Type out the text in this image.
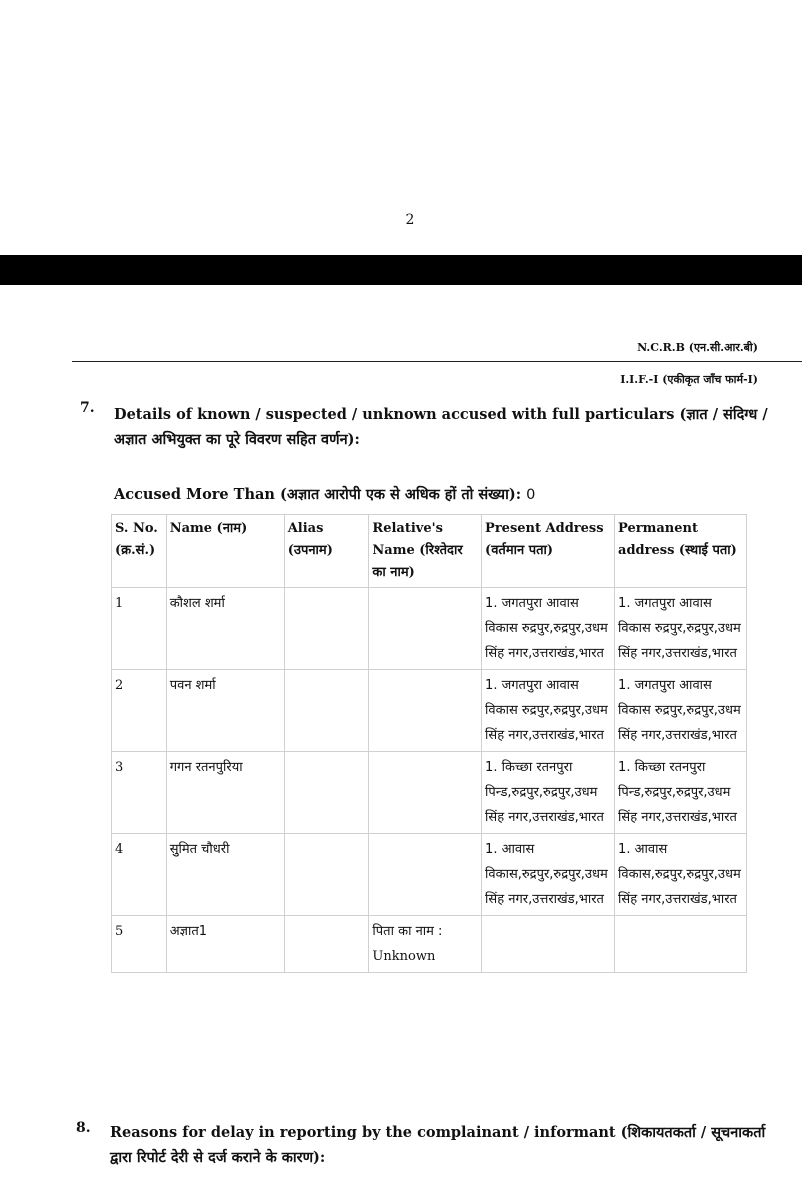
2
N.C.R.B (एन.सी.आर.बी)
I.I.F.-I (एकीकृत जाँच फार्म-I)
7. Details of known / suspected / unknown accused with full particulars (ज्ञात / संदिग्ध / अज्ञात अभियुक्त का पूरे विवरण सहित वर्णन):
Accused More Than (अज्ञात आरोपी एक से अधिक हों तो संख्या): 0
S. No. (क्र.सं.)	Name (नाम)	Alias (उपनाम)	Relative's Name (रिश्तेदार का नाम)	Present Address (वर्तमान पता)	Permanent address (स्थाई पता)
1	कौशल शर्मा			1. जगतपुरा आवास विकास रुद्रपुर,रुद्रपुर,उधम सिंह नगर,उत्तराखंड,भारत	1. जगतपुरा आवास विकास रुद्रपुर,रुद्रपुर,उधम सिंह नगर,उत्तराखंड,भारत
2	पवन शर्मा			1. जगतपुरा आवास विकास रुद्रपुर,रुद्रपुर,उधम सिंह नगर,उत्तराखंड,भारत	1. जगतपुरा आवास विकास रुद्रपुर,रुद्रपुर,उधम सिंह नगर,उत्तराखंड,भारत
3	गगन रतनपुरिया			1. किच्छा रतनपुरा पिन्ड,रुद्रपुर,रुद्रपुर,उधम सिंह नगर,उत्तराखंड,भारत	1. किच्छा रतनपुरा पिन्ड,रुद्रपुर,रुद्रपुर,उधम सिंह नगर,उत्तराखंड,भारत
4	सुुमित चौधरी			1. आवास विकास,रुद्रपुर,रुद्रपुर,उधम सिंह नगर,उत्तराखंड,भारत	1. आवास विकास,रुद्रपुर,रुद्रपुर,उधम सिंह नगर,उत्तराखंड,भारत
5	अज्ञात1		पिता का नाम :
Unknown		
8. Reasons for delay in reporting by the complainant / informant (शिकायतकर्ता / सूचनाकर्ता द्वारा रिपोर्ट देरी से दर्ज कराने के कारण):
